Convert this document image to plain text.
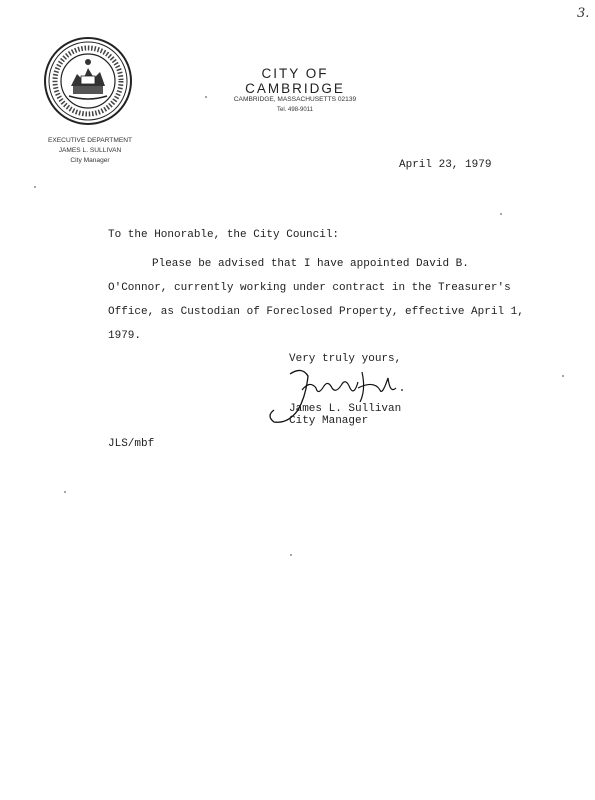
3.
CITY OF CAMBRIDGE
CAMBRIDGE, MASSACHUSETTS 02139
Tel. 498-9011
EXECUTIVE DEPARTMENT
JAMES L. SULLIVAN
City Manager	April 23, 1979
To the Honorable, the City Council:
Please be advised that I have appointed David B.
O'Connor, currently working under contract in the Treasurer's
Office, as Custodian of Foreclosed Property, effective April 1,
1979.
Very truly yours,
James L. Sullivan
City Manager
JLS/mbf
